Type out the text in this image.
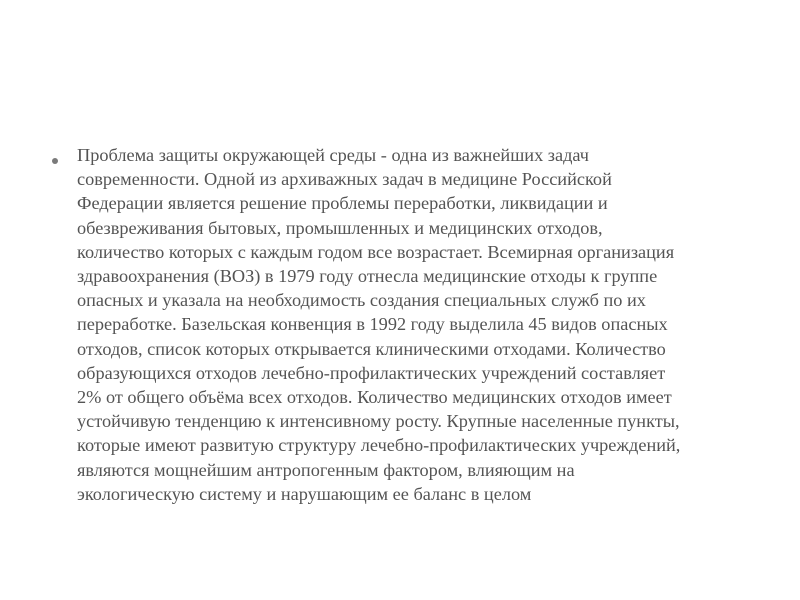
Проблема защиты окружающей среды - одна из важнейших задач
современности. Одной из архиважных задач в медицине Российской
Федерации является решение проблемы переработки, ликвидации и
обезвреживания бытовых, промышленных и медицинских отходов,
количество которых с каждым годом все возрастает. Всемирная организация
здравоохранения (ВОЗ) в 1979 году отнесла медицинские отходы к группе
опасных и указала на необходимость создания специальных служб по их
переработке. Базельская конвенция в 1992 году выделила 45 видов опасных
отходов, список которых открывается клиническими отходами. Количество
образующихся отходов лечебно-профилактических учреждений составляет
2% от общего объёма всех отходов. Количество медицинских отходов имеет
устойчивую тенденцию к интенсивному росту. Крупные населенные пункты,
которые имеют развитую структуру лечебно-профилактических учреждений,
являются мощнейшим антропогенным фактором, влияющим на
экологическую систему и нарушающим ее баланс в целом
